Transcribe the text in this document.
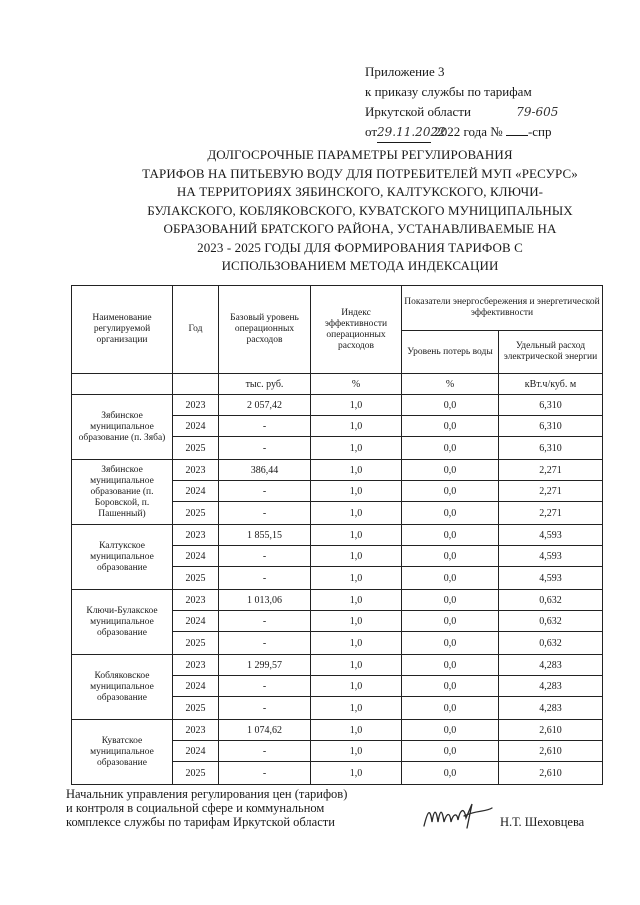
Приложение 3
к приказу службы по тарифам
Иркутской области	79-605
от29.11.2022 2022 года № -спр
ДОЛГОСРОЧНЫЕ ПАРАМЕТРЫ РЕГУЛИРОВАНИЯ
ТАРИФОВ НА ПИТЬЕВУЮ ВОДУ ДЛЯ ПОТРЕБИТЕЛЕЙ МУП «РЕСУРС»
НА ТЕРРИТОРИЯХ ЗЯБИНСКОГО, КАЛТУКСКОГО, КЛЮЧИ-
БУЛАКСКОГО, КОБЛЯКОВСКОГО, КУВАТСКОГО МУНИЦИПАЛЬНЫХ
ОБРАЗОВАНИЙ БРАТСКОГО РАЙОНА, УСТАНАВЛИВАЕМЫЕ НА
2023 - 2025 ГОДЫ ДЛЯ ФОРМИРОВАНИЯ ТАРИФОВ С
ИСПОЛЬЗОВАНИЕМ МЕТОДА ИНДЕКСАЦИИ
Наименование регулируемой организации	Год	Базовый уровень операционных расходов	Индекс эффективности операционных расходов	Показатели энергосбережения и энергетической эффективности	
				Уровень потерь воды	Удельный расход электрической энергии
		тыс. руб.	%	%	кВт.ч/куб. м
Зябинское муниципальное образование (п. Зяба)	2023	2 057,42	1,0	0,0	6,310
	2024	-	1,0	0,0	6,310
	2025	-	1,0	0,0	6,310
Зябинское муниципальное образование (п. Боровской, п. Пашенный)	2023	386,44	1,0	0,0	2,271
	2024	-	1,0	0,0	2,271
	2025	-	1,0	0,0	2,271
Калтукское муниципальное образование	2023	1 855,15	1,0	0,0	4,593
	2024	-	1,0	0,0	4,593
	2025	-	1,0	0,0	4,593
Ключи-Булакское муниципальное образование	2023	1 013,06	1,0	0,0	0,632
	2024	-	1,0	0,0	0,632
	2025	-	1,0	0,0	0,632
Кобляковское муниципальное образование	2023	1 299,57	1,0	0,0	4,283
	2024	-	1,0	0,0	4,283
	2025	-	1,0	0,0	4,283
Куватское муниципальное образование	2023	1 074,62	1,0	0,0	2,610
	2024	-	1,0	0,0	2,610
	2025	-	1,0	0,0	2,610
Начальник управления регулирования цен (тарифов)
и контроля в социальной сфере и коммунальном
комплексе службы по тарифам Иркутской области	Н.Т. Шеховцева
